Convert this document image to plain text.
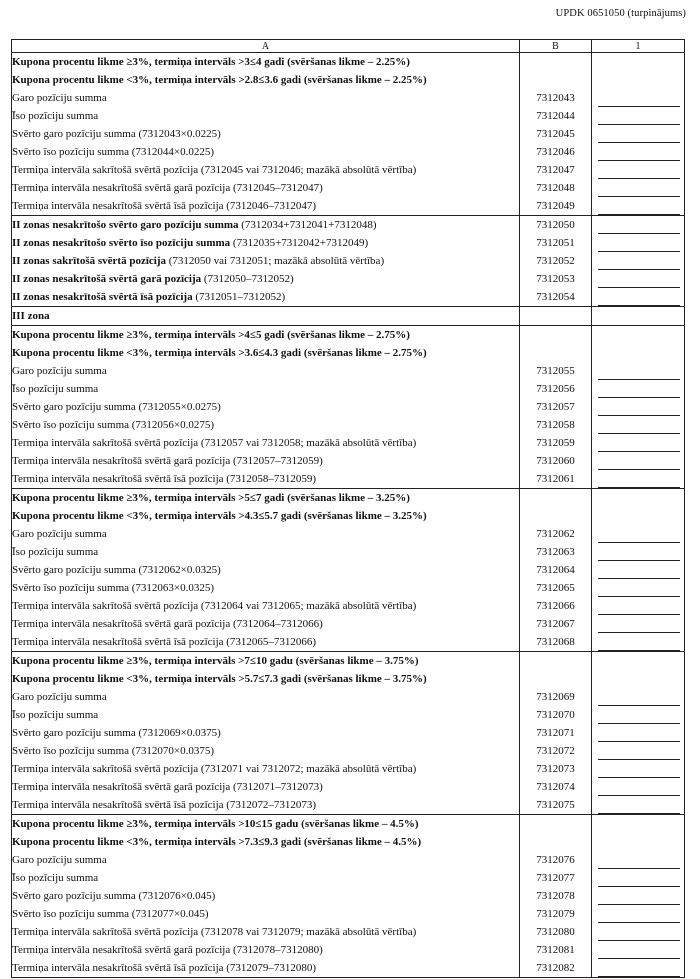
UPDK 0651050 (turpinājums)
A	B	1
Kupona procentu likme ≥3%, termiņa intervāls >3≤4 gadi (svēršanas likme – 2.25%)		

Kupona procentu likme <3%, termiņa intervāls >2.8≤3.6 gadi (svēršanas likme – 2.25%)		

Garo pozīciju summa	7312043	

Īso pozīciju summa	7312044	

Svērto garo pozīciju summa (7312043×0.0225)	7312045	

Svērto īso pozīciju summa (7312044×0.0225)	7312046	

Termiņa intervāla sakrītošā svērtā pozīcija (7312045 vai 7312046; mazākā absolūtā vērtība)	7312047	

Termiņa intervāla nesakrītošā svērtā garā pozīcija (7312045–7312047)	7312048	

Termiņa intervāla nesakrītošā svērtā īsā pozīcija (7312046–7312047)	7312049	

II zonas nesakrītošo svērto garo pozīciju summa (7312034+7312041+7312048)	7312050	

II zonas nesakrītošo svērto īso pozīciju summa (7312035+7312042+7312049)	7312051	

II zonas sakrītošā svērtā pozīcija (7312050 vai 7312051; mazākā absolūtā vērtība)	7312052	

II zonas nesakrītošā svērtā garā pozīcija (7312050–7312052)	7312053	

II zonas nesakrītošā svērtā īsā pozīcija (7312051–7312052)	7312054	

III zona		

Kupona procentu likme ≥3%, termiņa intervāls >4≤5 gadi (svēršanas likme – 2.75%)		

Kupona procentu likme <3%, termiņa intervāls >3.6≤4.3 gadi (svēršanas likme – 2.75%)		

Garo pozīciju summa	7312055	

Īso pozīciju summa	7312056	

Svērto garo pozīciju summa (7312055×0.0275)	7312057	

Svērto īso pozīciju summa (7312056×0.0275)	7312058	

Termiņa intervāla sakrītošā svērtā pozīcija (7312057 vai 7312058; mazākā absolūtā vērtība)	7312059	

Termiņa intervāla nesakrītošā svērtā garā pozīcija (7312057–7312059)	7312060	

Termiņa intervāla nesakrītošā svērtā īsā pozīcija (7312058–7312059)	7312061	

Kupona procentu likme ≥3%, termiņa intervāls >5≤7 gadi (svēršanas likme – 3.25%)		

Kupona procentu likme <3%, termiņa intervāls >4.3≤5.7 gadi (svēršanas likme – 3.25%)		

Garo pozīciju summa	7312062	

Īso pozīciju summa	7312063	

Svērto garo pozīciju summa (7312062×0.0325)	7312064	

Svērto īso pozīciju summa (7312063×0.0325)	7312065	

Termiņa intervāla sakrītošā svērtā pozīcija (7312064 vai 7312065; mazākā absolūtā vērtība)	7312066	

Termiņa intervāla nesakrītošā svērtā garā pozīcija (7312064–7312066)	7312067	

Termiņa intervāla nesakrītošā svērtā īsā pozīcija (7312065–7312066)	7312068	

Kupona procentu likme ≥3%, termiņa intervāls >7≤10 gadu (svēršanas likme – 3.75%)		

Kupona procentu likme <3%, termiņa intervāls >5.7≤7.3 gadi (svēršanas likme – 3.75%)		

Garo pozīciju summa	7312069	

Īso pozīciju summa	7312070	

Svērto garo pozīciju summa (7312069×0.0375)	7312071	

Svērto īso pozīciju summa (7312070×0.0375)	7312072	

Termiņa intervāla sakrītošā svērtā pozīcija (7312071 vai 7312072; mazākā absolūtā vērtība)	7312073	

Termiņa intervāla nesakrītošā svērtā garā pozīcija (7312071–7312073)	7312074	

Termiņa intervāla nesakrītošā svērtā īsā pozīcija (7312072–7312073)	7312075	

Kupona procentu likme ≥3%, termiņa intervāls >10≤15 gadu (svēršanas likme – 4.5%)		

Kupona procentu likme <3%, termiņa intervāls >7.3≤9.3 gadi (svēršanas likme – 4.5%)		

Garo pozīciju summa	7312076	

Īso pozīciju summa	7312077	

Svērto garo pozīciju summa (7312076×0.045)	7312078	

Svērto īso pozīciju summa (7312077×0.045)	7312079	

Termiņa intervāla sakrītošā svērtā pozīcija (7312078 vai 7312079; mazākā absolūtā vērtība)	7312080	

Termiņa intervāla nesakrītošā svērtā garā pozīcija (7312078–7312080)	7312081	

Termiņa intervāla nesakrītošā svērtā īsā pozīcija (7312079–7312080)	7312082	
